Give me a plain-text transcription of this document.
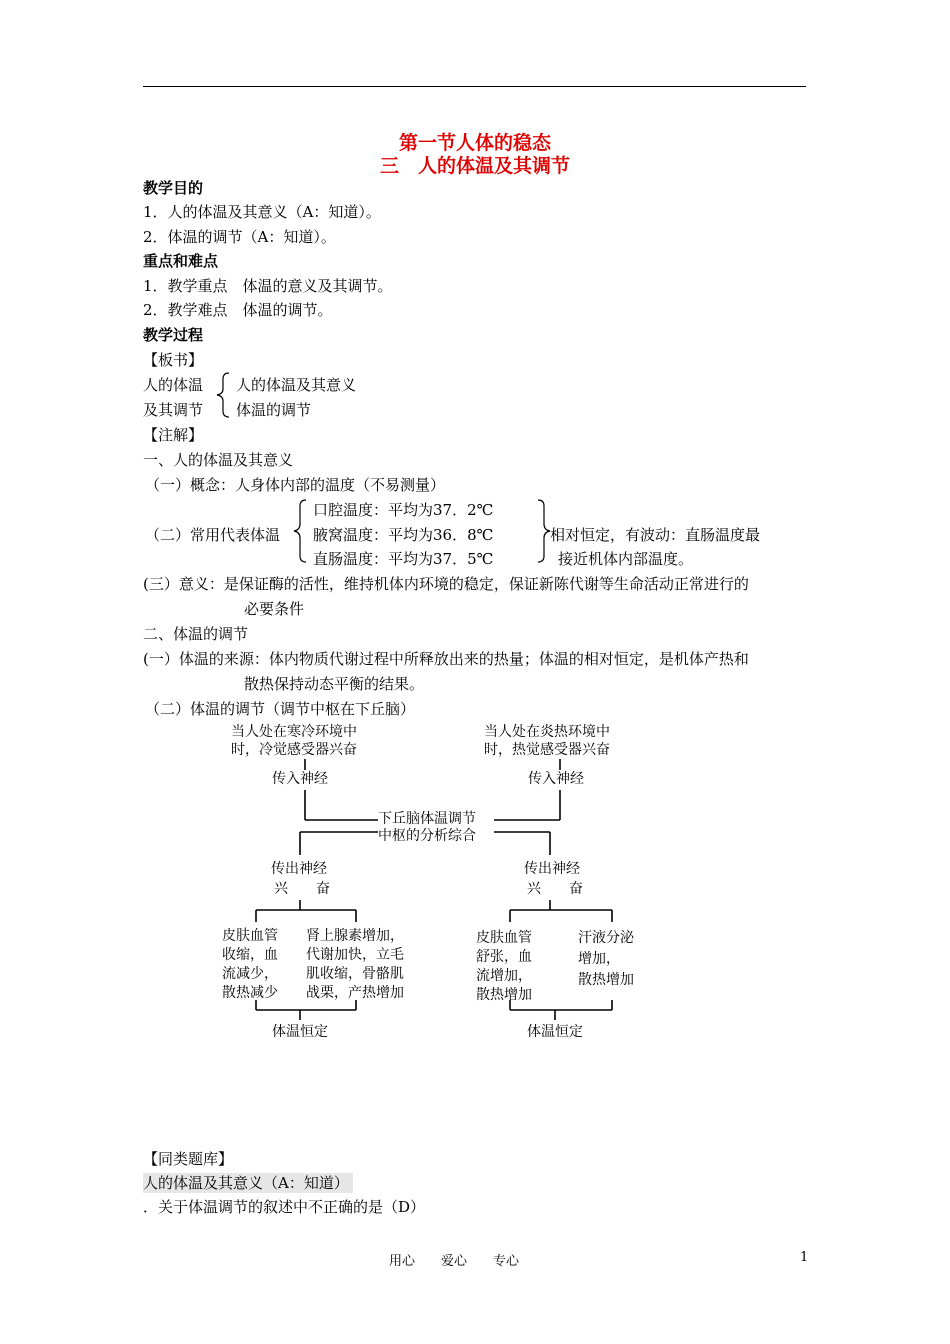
第一节人体的稳态
三　人的体温及其调节
教学目的
1．人的体温及其意义（A：知道）。
2．体温的调节（A：知道）。
重点和难点
1．教学重点　体温的意义及其调节。
2．教学难点　体温的调节。
教学过程
【板书】
人的体温
及其调节
人的体温及其意义
体温的调节
【注解】
一、人的体温及其意义
（一）概念：人身体内部的温度（不易测量）
（二）常用代表体温
口腔温度：平均为37．2℃
腋窝温度：平均为36．8℃
直肠温度：平均为37．5℃
相对恒定，有波动：直肠温度最
接近机体内部温度。
(三）意义：是保证酶的活性，维持机体内环境的稳定，保证新陈代谢等生命活动正常进行的
必要条件
二、体温的调节
(一）体温的来源：体内物质代谢过程中所释放出来的热量；体温的相对恒定，是机体产热和
散热保持动态平衡的结果。
（二）体温的调节（调节中枢在下丘脑）
当人处在寒冷环境中
时，冷觉感受器兴奋
当人处在炎热环境中
时，热觉感受器兴奋
传入神经	传入神经
下丘脑体温调节
中枢的分析综合
传出神经
兴　　奋
传出神经
兴　　奋
皮肤血管
收缩，血
流减少，
散热减少
肾上腺素增加，
代谢加快，立毛
肌收缩，骨骼肌
战栗，产热增加
皮肤血管
舒张，血
流增加，
散热增加
汗液分泌
增加，
散热增加
体温恒定	体温恒定
【同类题库】
人的体温及其意义（A：知道）
．关于体温调节的叙述中不正确的是（D）
用心　　爱心　　专心	1
